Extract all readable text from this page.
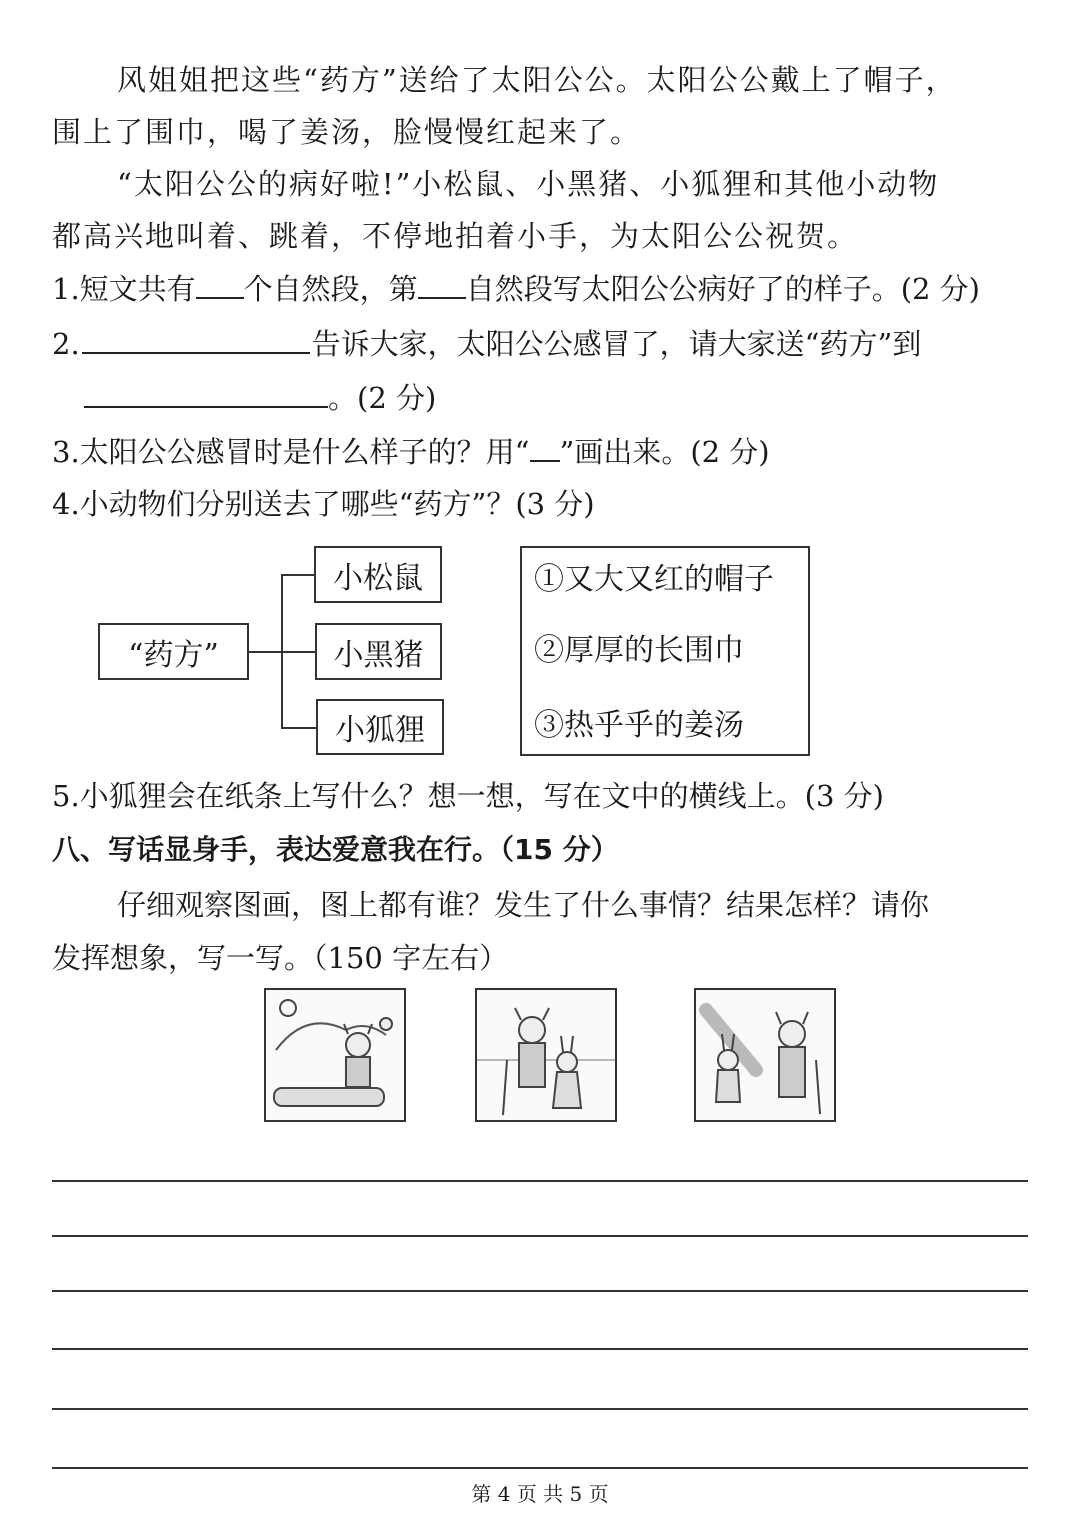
风姐姐把这些“药方”送给了太阳公公。太阳公公戴上了帽子，
围上了围巾，喝了姜汤，脸慢慢红起来了。
“太阳公公的病好啦!”小松鼠、小黑猪、小狐狸和其他小动物
都高兴地叫着、跳着，不停地拍着小手，为太阳公公祝贺。
1.短文共有 个自然段，第 自然段写太阳公公病好了的样子。(2 分)
2.	告诉大家，太阳公公感冒了，请大家送“药方”到
。(2 分)
3.太阳公公感冒时是什么样子的？用“ ”画出来。(2 分)
4.小动物们分别送去了哪些“药方”？(3 分)
“药方”
小松鼠
小黑猪
小狐狸
①又大又红的帽子
②厚厚的长围巾
③热乎乎的姜汤
5.小狐狸会在纸条上写什么？想一想，写在文中的横线上。(3 分)
八、写话显身手，表达爱意我在行。（15 分）
仔细观察图画，图上都有谁？发生了什么事情？结果怎样？请你
发挥想象，写一写。（150 字左右）
第 4 页 共 5 页
